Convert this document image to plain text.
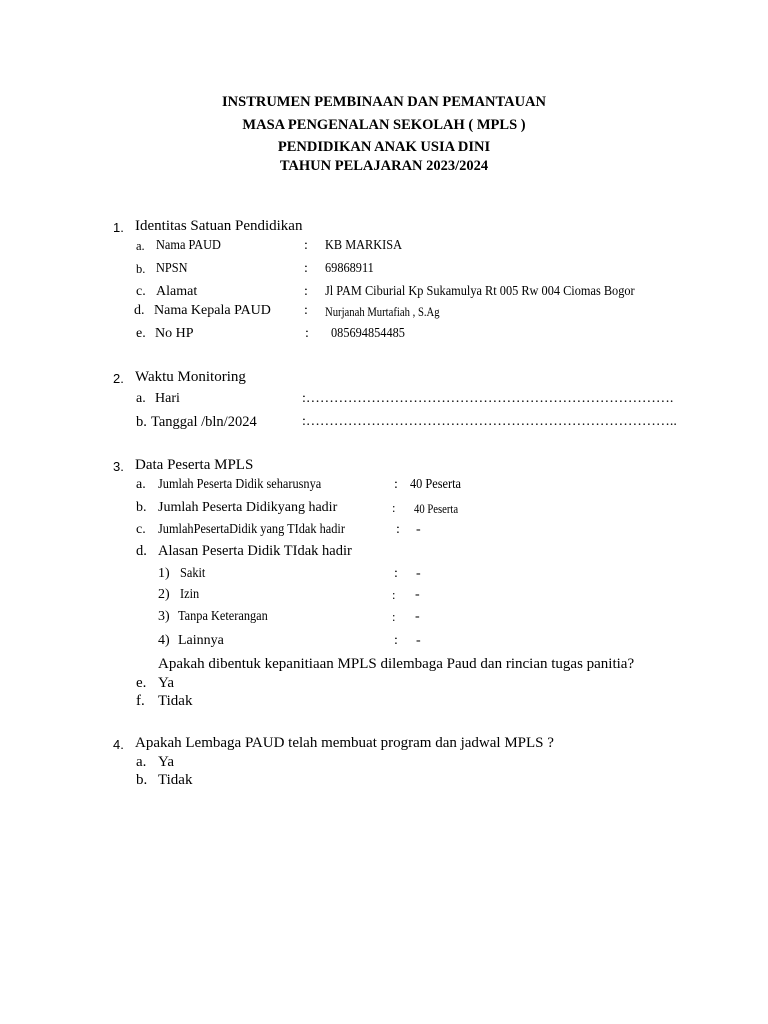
INSTRUMEN PEMBINAAN DAN PEMANTAUAN
MASA PENGENALAN SEKOLAH ( MPLS )
PENDIDIKAN ANAK USIA DINI
TAHUN PELAJARAN 2023/2024
1. Identitas Satuan Pendidikan
a. Nama PAUD	: KB MARKISA
b. NPSN	: 69868911
c. Alamat	: Jl PAM Ciburial Kp Sukamulya Rt 005 Rw 004 Ciomas Bogor
d. Nama Kepala PAUD : Nurjanah Murtafiah , S.Ag
e. No HP	: 085694854485
2. Waktu Monitoring
a. Hari	:…………………………………………………………………….
b. Tanggal /bln/2024	:……………………………………………………………………..
3. Data Peserta MPLS
a. Jumlah Peserta Didik seharusnya	: 40 Peserta
b. Jumlah Peserta Didikyang hadir	: 40 Peserta
c. JumlahPesertaDidik yang TIdak hadir	: -
d. Alasan Peserta Didik TIdak hadir
1) Sakit	: -
2) Izin	: -
3) Tanpa Keterangan	: -
4) Lainnya	: -
Apakah dibentuk kepanitiaan MPLS dilembaga Paud dan rincian tugas panitia?
e. Ya
f. Tidak
4. Apakah Lembaga PAUD telah membuat program dan jadwal MPLS ?
a. Ya
b. Tidak
